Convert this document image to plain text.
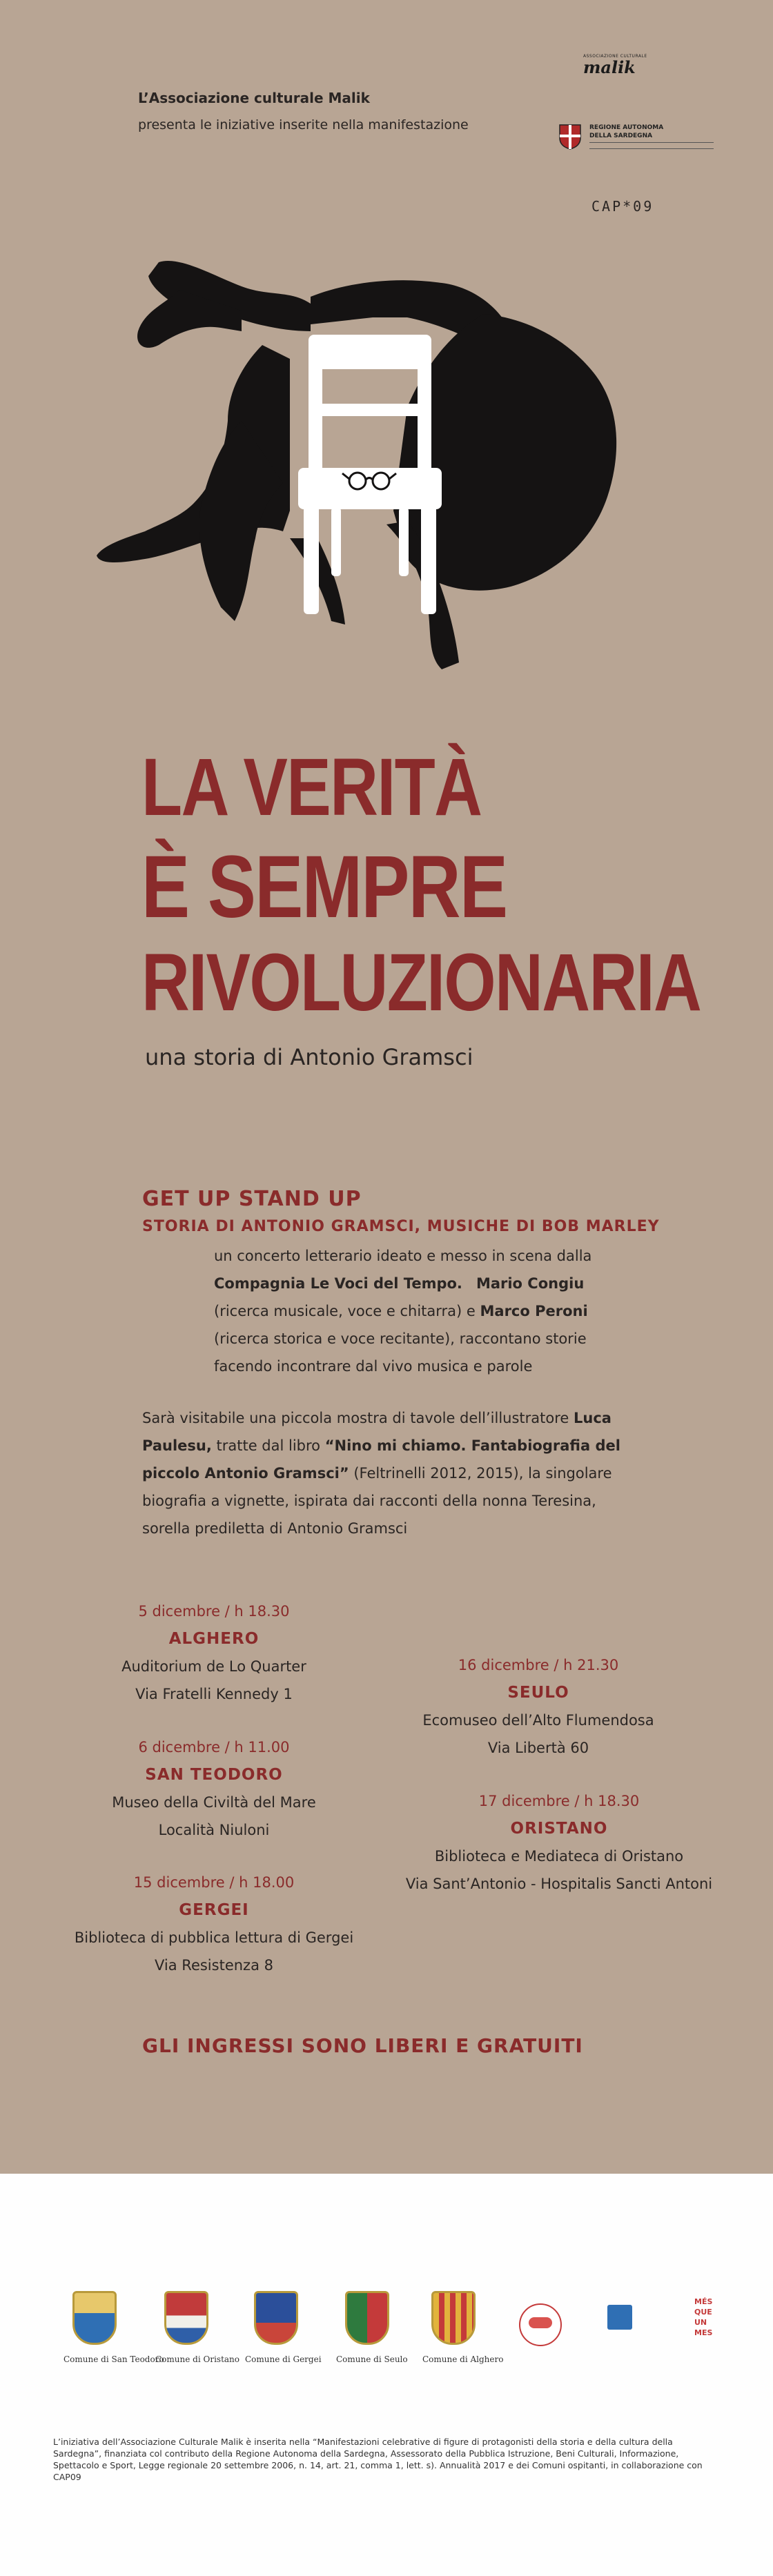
L’Associazione culturale Malik
presenta le iniziative inserite nella manifestazione
ASSOCIAZIONE CULTURALE
malik
REGIONE AUTONOMA
DELLA SARDEGNA
CAP*09
LA VERITÀ
È SEMPRE
RIVOLUZIONARIA
una storia di Antonio Gramsci
GET UP STAND UP
STORIA DI ANTONIO GRAMSCI, MUSICHE DI BOB MARLEY
un concerto letterario ideato e messo in scena dalla Compagnia Le Voci del Tempo. Mario Congiu (ricerca musicale, voce e chitarra) e Marco Peroni (ricerca storica e voce recitante), raccontano storie facendo incontrare dal vivo musica e parole
Sarà visitabile una piccola mostra di tavole dell’illustratore Luca Paulesu, tratte dal libro “Nino mi chiamo. Fantabiografia del piccolo Antonio Gramsci” (Feltrinelli 2012, 2015), la singolare biografia a vignette, ispirata dai racconti della nonna Teresina, sorella prediletta di Antonio Gramsci
5 dicembre / h 18.30
ALGHERO
Auditorium de Lo Quarter
Via Fratelli Kennedy 1
6 dicembre / h 11.00
SAN TEODORO
Museo della Civiltà del Mare
Località Niuloni
15 dicembre / h 18.00
GERGEI
Biblioteca di pubblica lettura di Gergei
Via Resistenza 8
16 dicembre / h 21.30
SEULO
Ecomuseo dell’Alto Flumendosa
Via Libertà 60
17 dicembre / h 18.30
ORISTANO
Biblioteca e Mediateca di Oristano
Via Sant’Antonio - Hospitalis Sancti Antoni
GLI INGRESSI SONO LIBERI E GRATUITI
Comune di San Teodoro
Comune di Oristano Comune di Gergei Comune di Seulo Comune di Alghero
MÉS
QUE
UN
MES
L’iniziativa dell’Associazione Culturale Malik è inserita nella “Manifestazioni celebrative di figure di protagonisti della storia e della cultura della Sardegna”, finanziata col contributo della Regione Autonoma della Sardegna, Assessorato della Pubblica Istruzione, Beni Culturali, Informazione, Spettacolo e Sport, Legge regionale 20 settembre 2006, n. 14, art. 21, comma 1, lett. s). Annualità 2017 e dei Comuni ospitanti, in collaborazione con CAP09
